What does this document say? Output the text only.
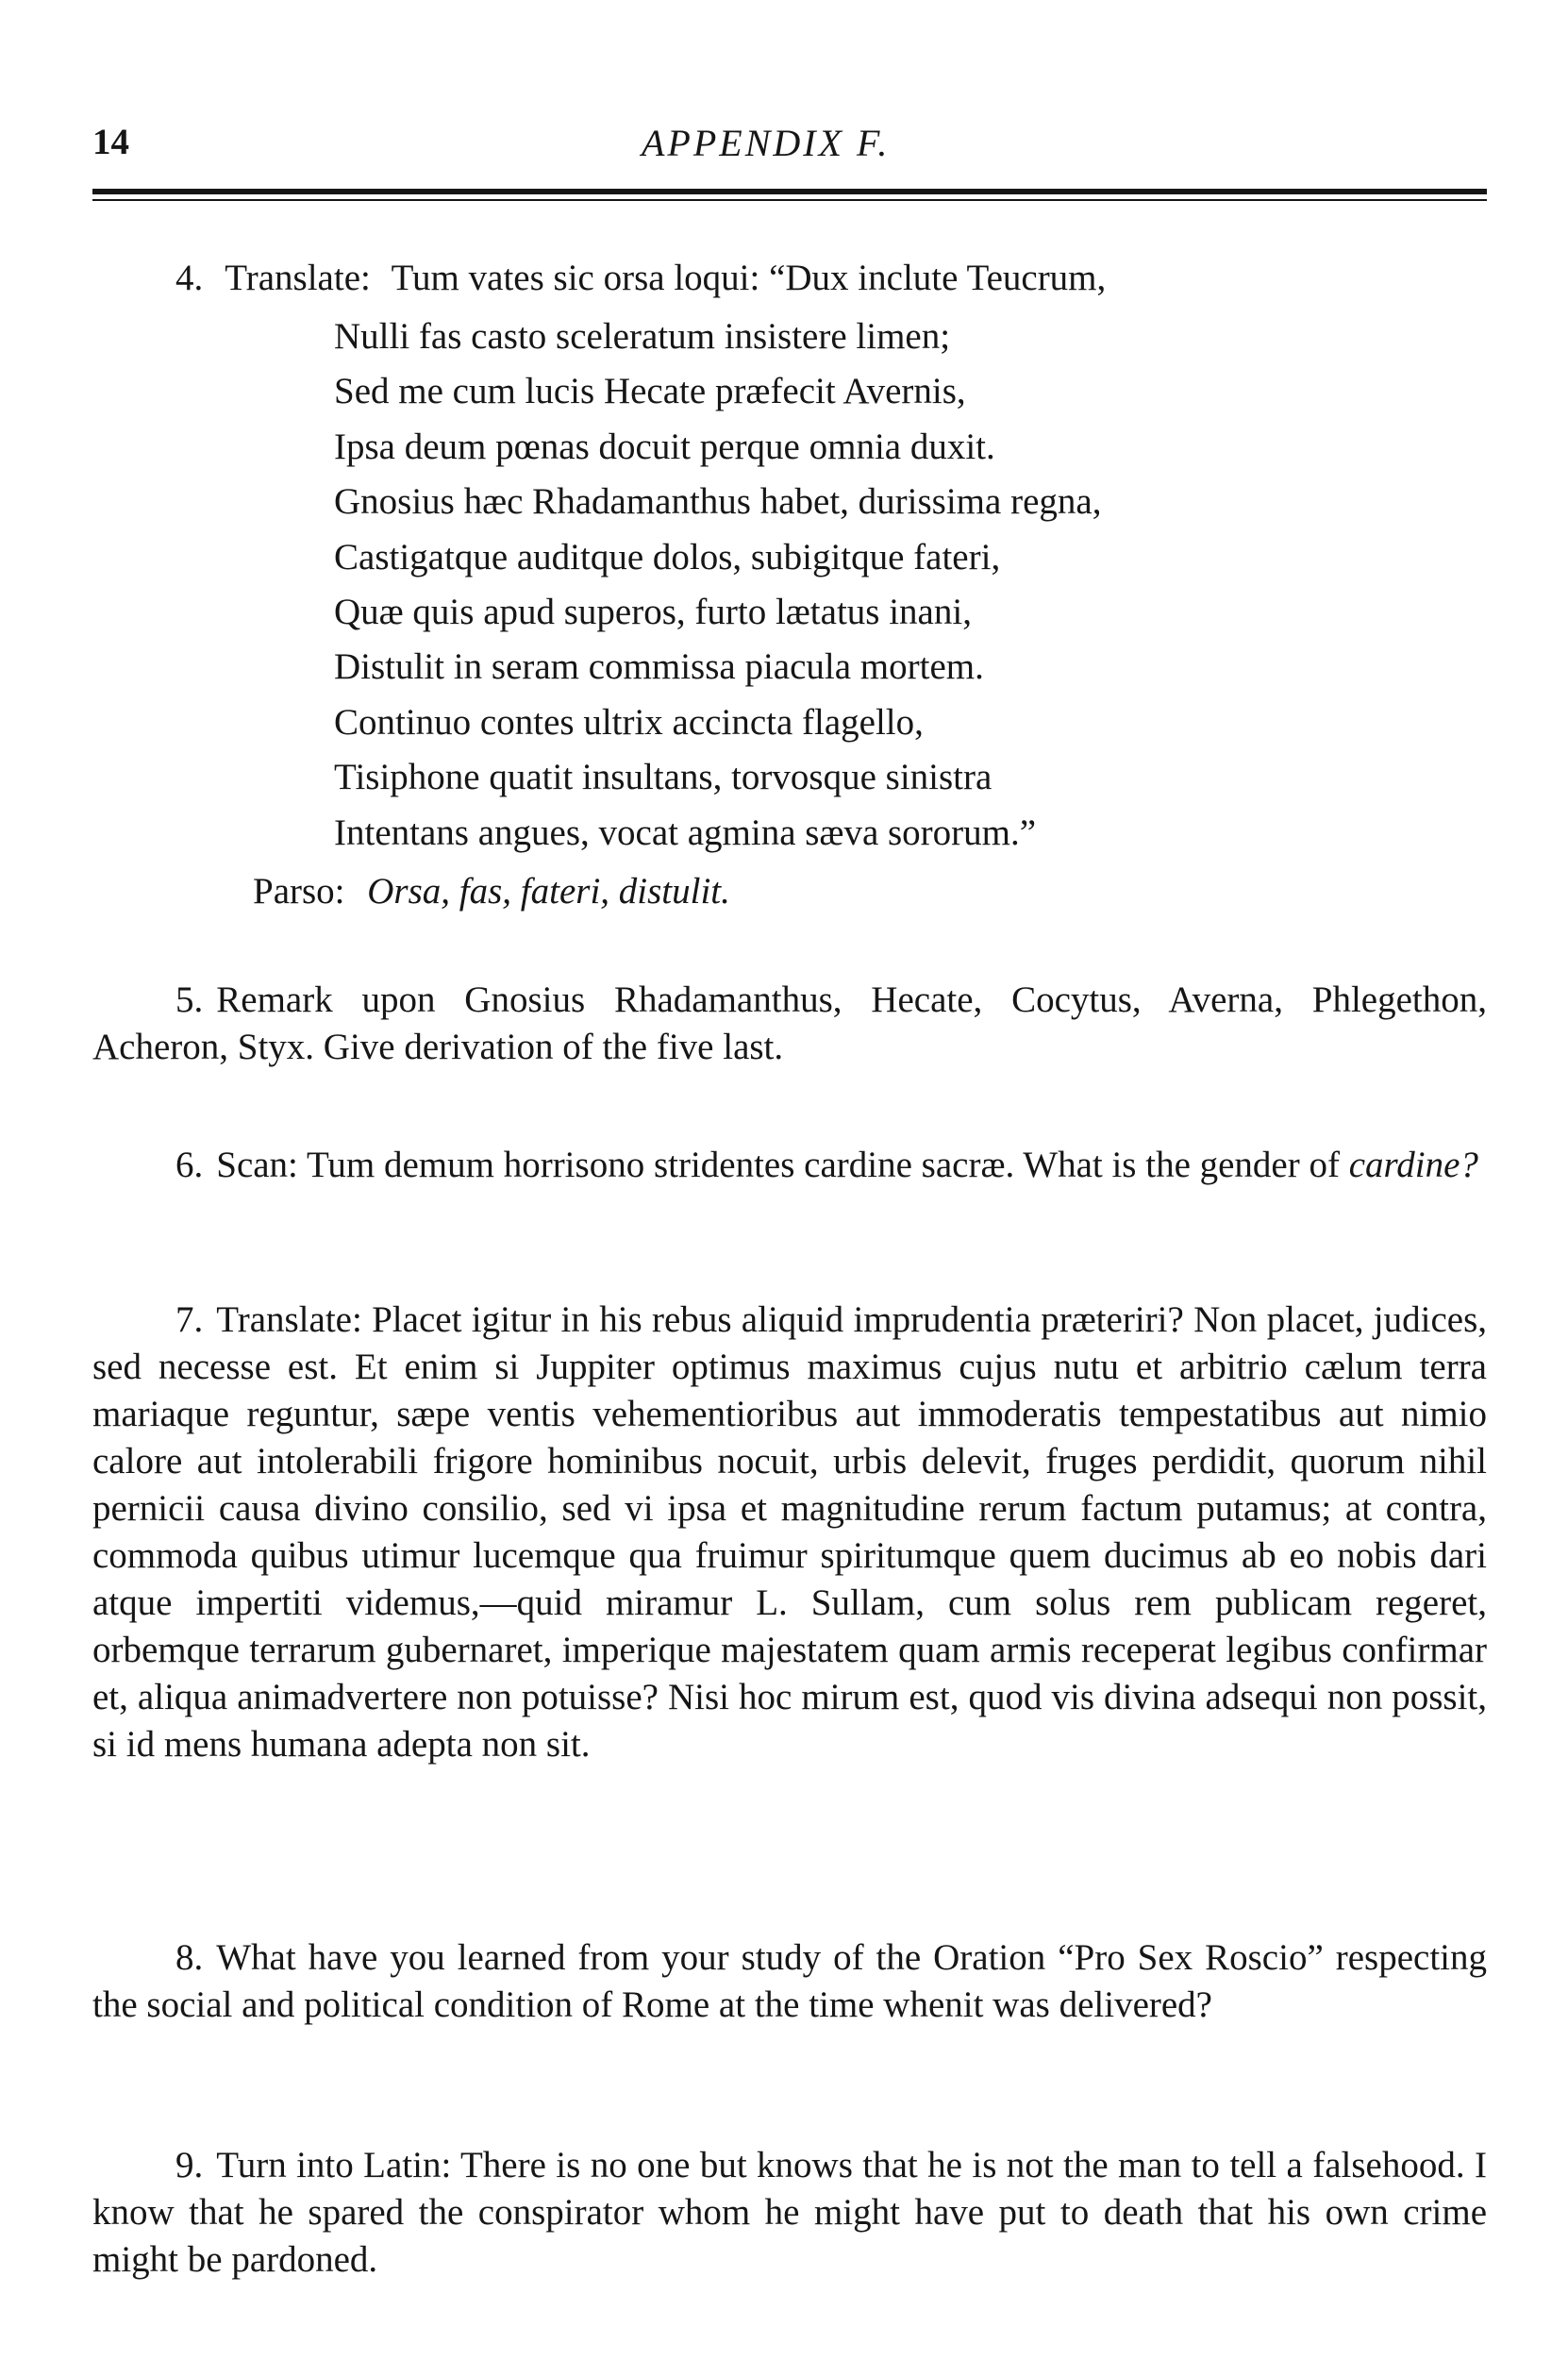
14	APPENDIX F.
4. Translate: Tum vates sic orsa loqui: “Dux inclute Teucrum,
Nulli fas casto sceleratum insistere limen;
Sed me cum lucis Hecate præfecit Avernis,
Ipsa deum pœnas docuit perque omnia duxit.
Gnosius hæc Rhadamanthus habet, durissima regna,
Castigatque auditque dolos, subigitque fateri,
Quæ quis apud superos, furto lætatus inani,
Distulit in seram commissa piacula mortem.
Continuo contes ultrix accincta flagello,
Tisiphone quatit insultans, torvosque sinistra
Intentans angues, vocat agmina sæva sororum.”
Parso: Orsa, fas, fateri, distulit.
5. Remark upon Gnosius Rhadamanthus, Hecate, Cocytus, Averna, Phlegethon, Acheron, Styx. Give derivation of the five last.
6. Scan: Tum demum horrisono stridentes cardine sacræ. What is the gender of cardine?
7. Translate: Placet igitur in his rebus aliquid imprudentia præteriri? Non placet, judices, sed necesse est. Et enim si Juppiter optimus maximus cujus nutu et arbitrio cælum terra mariaque reguntur, sæpe ventis vehementioribus aut immoderatis tempestatibus aut nimio calore aut intolerabili frigore hominibus nocuit, urbis delevit, fruges perdidit, quorum nihil pernicii causa divino consilio, sed vi ipsa et magnitudine rerum factum putamus; at contra, commoda quibus utimur lucemque qua fruimur spiritumque quem ducimus ab eo nobis dari atque impertiti videmus,—quid miramur L. Sullam, cum solus rem publicam regeret, orbemque terrarum gubernaret, imperique majestatem quam armis receperat legibus confirmar et, aliqua animadvertere non potuisse? Nisi hoc mirum est, quod vis divina adsequi non possit, si id mens humana adepta non sit.
8. What have you learned from your study of the Oration “Pro Sex Roscio” respecting the social and political condition of Rome at the time whenit was delivered?
9. Turn into Latin: There is no one but knows that he is not the man to tell a falsehood. I know that he spared the conspirator whom he might have put to death that his own crime might be pardoned.
